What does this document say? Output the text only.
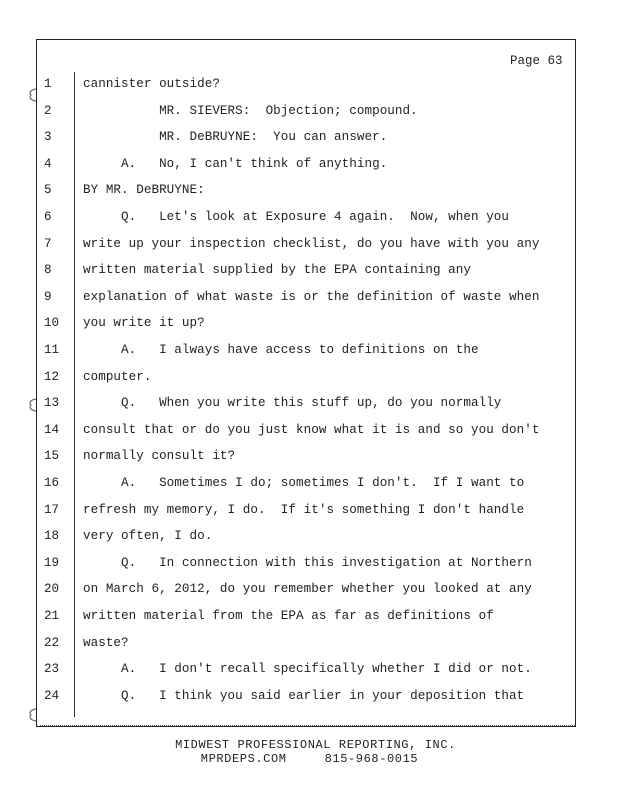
Page 63
1	cannister outside?
2	MR. SIEVERS:  Objection; compound.
3	MR. DeBRUYNE:  You can answer.
4	A.   No, I can't think of anything.
5	BY MR. DeBRUYNE:
6	Q.   Let's look at Exposure 4 again.  Now, when you
7	write up your inspection checklist, do you have with you any
8	written material supplied by the EPA containing any
9	explanation of what waste is or the definition of waste when
10	you write it up?
11	A.   I always have access to definitions on the
12	computer.
13	Q.   When you write this stuff up, do you normally
14	consult that or do you just know what it is and so you don't
15	normally consult it?
16	A.   Sometimes I do; sometimes I don't.  If I want to
17	refresh my memory, I do.  If it's something I don't handle
18	very often, I do.
19	Q.   In connection with this investigation at Northern
20	on March 6, 2012, do you remember whether you looked at any
21	written material from the EPA as far as definitions of
22	waste?
23	A.   I don't recall specifically whether I did or not.
24	Q.   I think you said earlier in your deposition that
MIDWEST PROFESSIONAL REPORTING, INC.
MPRDEPS.COM	815-968-0015
